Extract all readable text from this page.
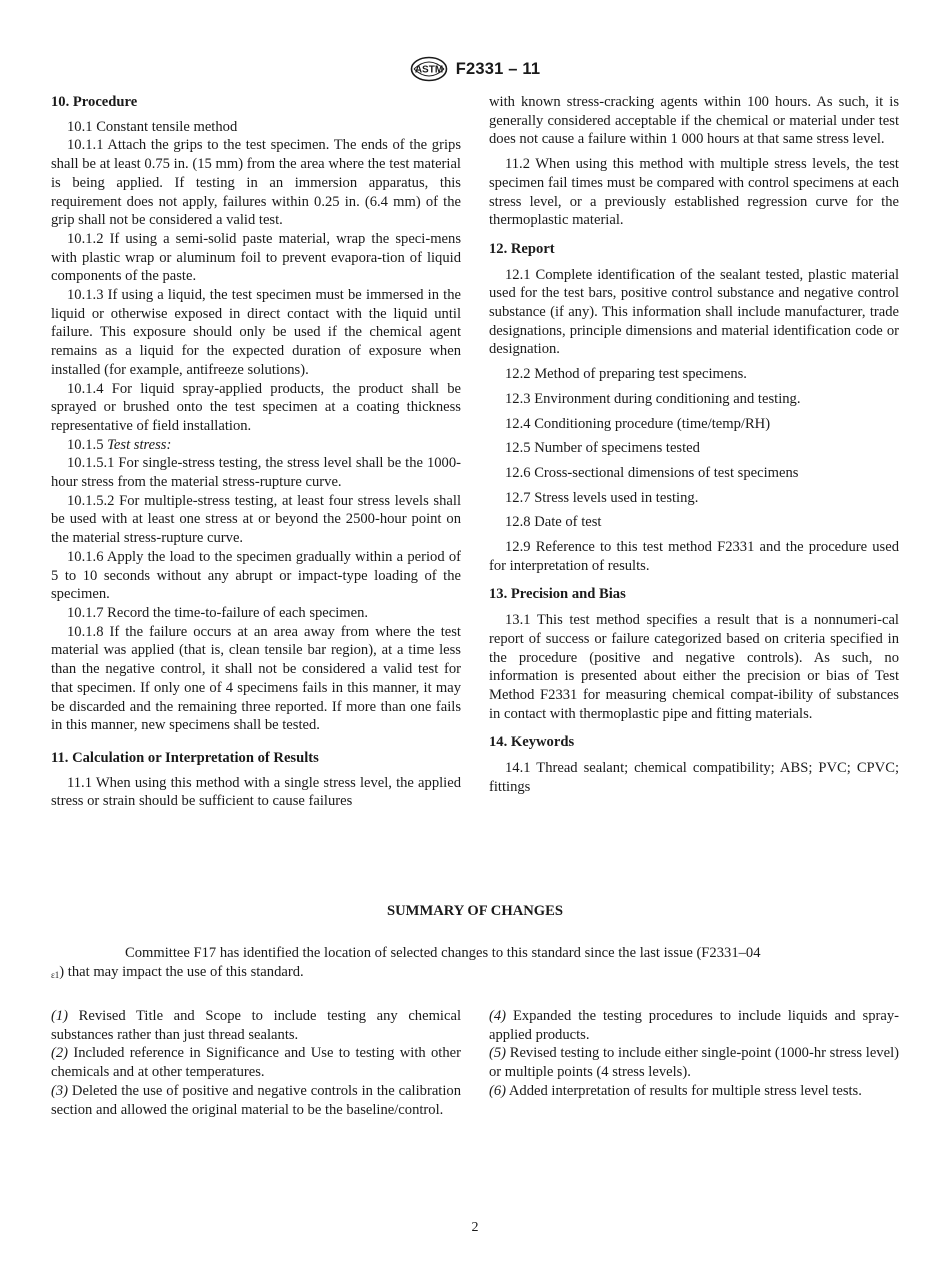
ASTM F2331 – 11
10. Procedure

10.1 Constant tensile method

10.1.1 Attach the grips to the test specimen. The ends of the grips shall be at least 0.75 in. (15 mm) from the area where the test material is being applied. If testing in an immersion apparatus, this requirement does not apply, failures within 0.25 in. (6.4 mm) of the grip shall not be considered a valid test.

10.1.2 If using a semi-solid paste material, wrap the speci-mens with plastic wrap or aluminum foil to prevent evapora-tion of liquid components of the paste.

10.1.3 If using a liquid, the test specimen must be immersed in the liquid or otherwise exposed in direct contact with the liquid until failure. This exposure should only be used if the chemical agent remains as a liquid for the expected duration of exposure when installed (for example, antifreeze solutions).

10.1.4 For liquid spray-applied products, the product shall be sprayed or brushed onto the test specimen at a coating thickness representative of field installation.

10.1.5 Test stress:

10.1.5.1 For single-stress testing, the stress level shall be the 1000-hour stress from the material stress-rupture curve.

10.1.5.2 For multiple-stress testing, at least four stress levels shall be used with at least one stress at or beyond the 2500-hour point on the material stress-rupture curve.

10.1.6 Apply the load to the specimen gradually within a period of 5 to 10 seconds without any abrupt or impact-type loading of the specimen.

10.1.7 Record the time-to-failure of each specimen.

10.1.8 If the failure occurs at an area away from where the test material was applied (that is, clean tensile bar region), at a time less than the negative control, it shall not be considered a valid test for that specimen. If only one of 4 specimens fails in this manner, it may be discarded and the remaining three reported. If more than one fails in this manner, new specimens shall be tested.

11. Calculation or Interpretation of Results

11.1 When using this method with a single stress level, the applied stress or strain should be sufficient to cause failures

with known stress-cracking agents within 100 hours. As such, it is generally considered acceptable if the chemical or material under test does not cause a failure within 1 000 hours at that same stress level.

11.2 When using this method with multiple stress levels, the test specimen fail times must be compared with control specimens at each stress level, or a previously established regression curve for the thermoplastic material.

12. Report

12.1 Complete identification of the sealant tested, plastic material used for the test bars, positive control substance and negative control substance (if any). This information shall include manufacturer, trade designations, principle dimensions and material identification code or designation.

12.2 Method of preparing test specimens.

12.3 Environment during conditioning and testing.

12.4 Conditioning procedure (time/temp/RH)

12.5 Number of specimens tested

12.6 Cross-sectional dimensions of test specimens

12.7 Stress levels used in testing.

12.8 Date of test

12.9 Reference to this test method F2331 and the procedure used for interpretation of results.

13. Precision and Bias

13.1 This test method specifies a result that is a nonnumeri-cal report of success or failure categorized based on criteria specified in the procedure (positive and negative controls). As such, no information is presented about either the precision or bias of Test Method F2331 for measuring chemical compat-ibility of substances in contact with thermoplastic pipe and fitting materials.

14. Keywords

14.1 Thread sealant; chemical compatibility; ABS; PVC; CPVC; fittings

SUMMARY OF CHANGES
Committee F17 has identified the location of selected changes to this standard since the last issue (F2331–04
$_{\varepsilon 1}$) that may impact the use of this standard.

(1) Revised Title and Scope to include testing any chemical substances rather than just thread sealants.

(2) Included reference in Significance and Use to testing with other chemicals and at other temperatures.

(3) Deleted the use of positive and negative controls in the calibration section and allowed the original material to be the baseline/control.

(4) Expanded the testing procedures to include liquids and spray-applied products.

(5) Revised testing to include either single-point (1000-hr stress level) or multiple points (4 stress levels).

(6) Added interpretation of results for multiple stress level tests.

2
